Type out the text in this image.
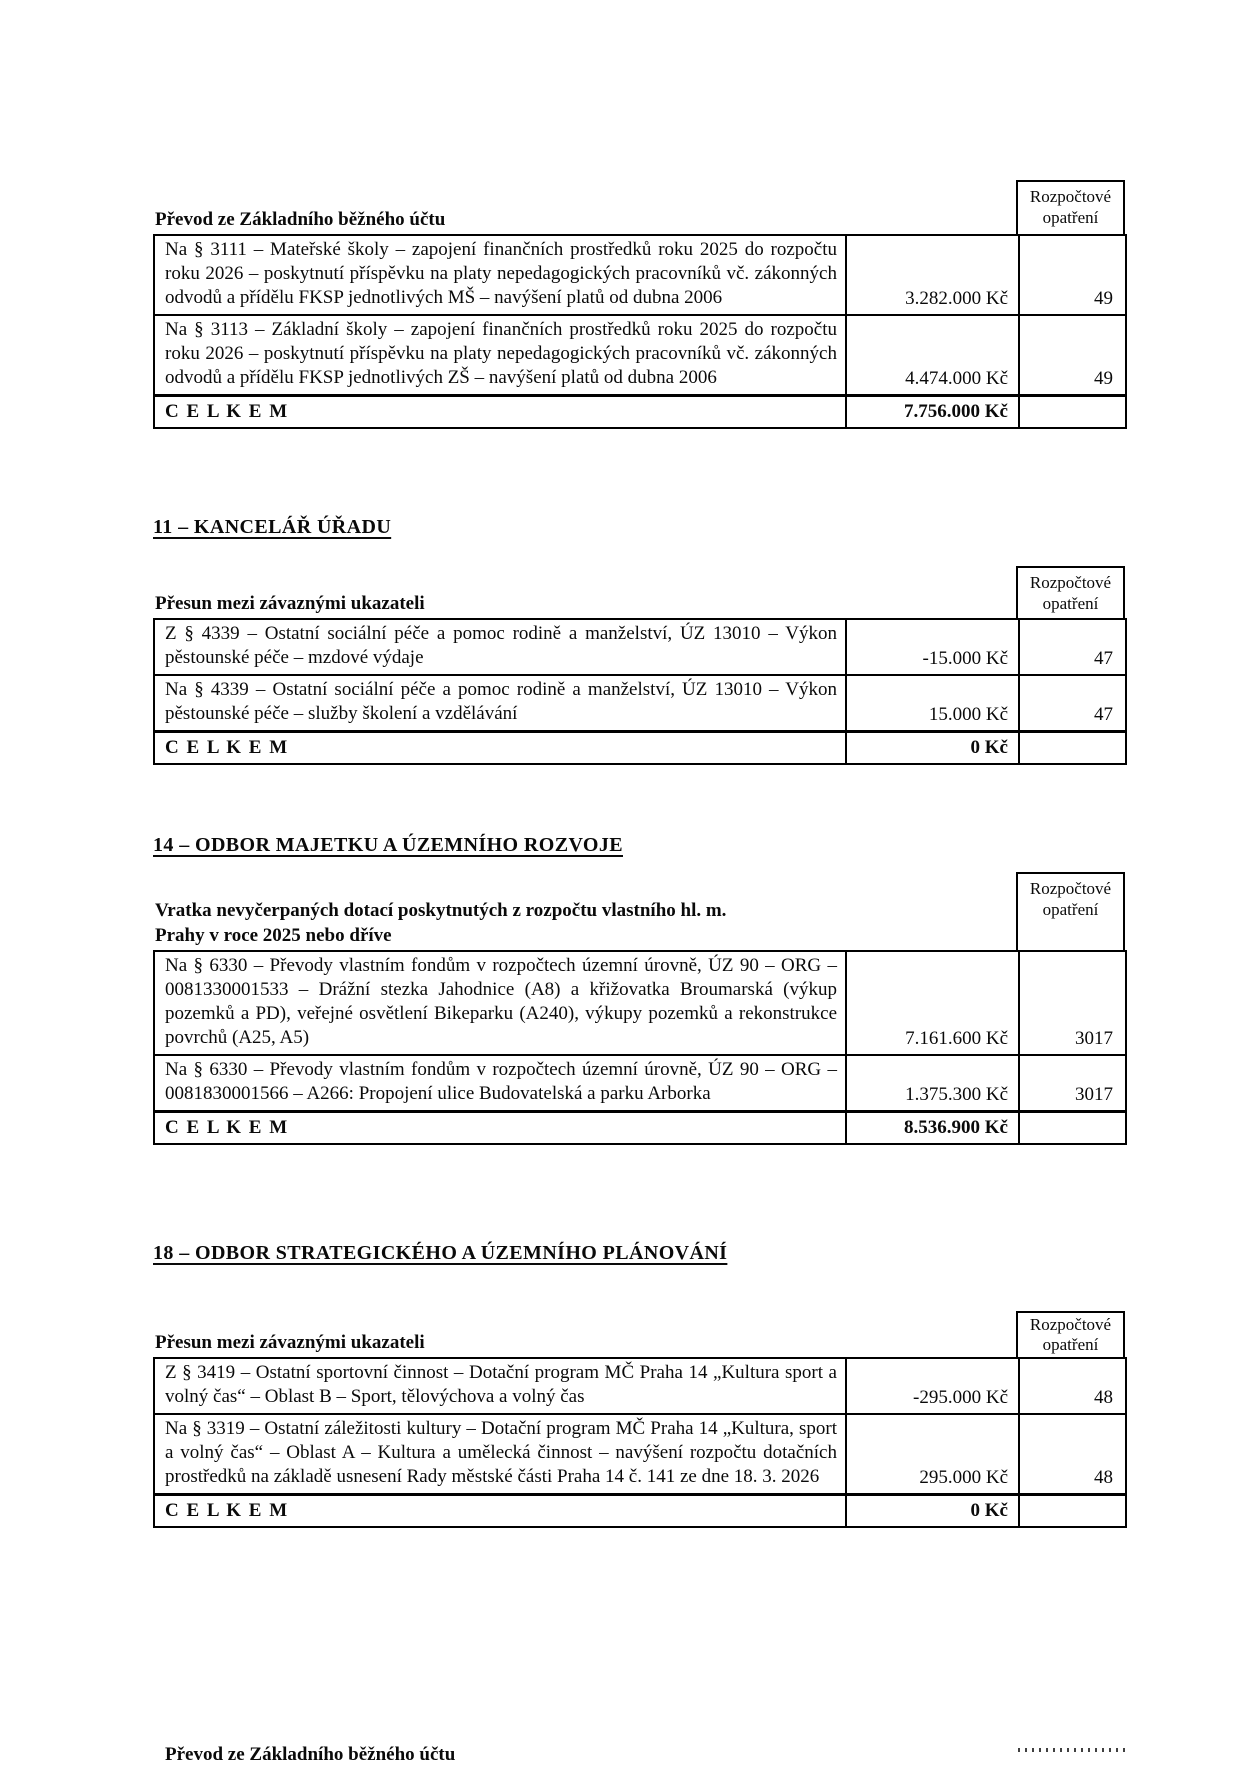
Převod ze Základního běžného účtu
Rozpočtové opatření
Na § 3111 – Mateřské školy – zapojení finančních prostředků roku 2025 do rozpočtu roku 2026 – poskytnutí příspěvku na platy nepedagogických pracovníků vč. zákonných odvodů a přídělu FKSP jednotlivých MŠ – navýšení platů od dubna 2006	3.282.000 Kč	49
Na § 3113 – Základní školy – zapojení finančních prostředků roku 2025 do rozpočtu roku 2026 – poskytnutí příspěvku na platy nepedagogických pracovníků vč. zákonných odvodů a přídělu FKSP jednotlivých ZŠ – navýšení platů od dubna 2006	4.474.000 Kč	49
C E L K E M	7.756.000 Kč	
11 – KANCELÁŘ ÚŘADU
Přesun mezi závaznými ukazateli
Rozpočtové opatření
Z § 4339 – Ostatní sociální péče a pomoc rodině a manželství, ÚZ 13010 – Výkon pěstounské péče – mzdové výdaje	-15.000 Kč	47
Na § 4339 – Ostatní sociální péče a pomoc rodině a manželství, ÚZ 13010 – Výkon pěstounské péče – služby školení a vzdělávání	15.000 Kč	47
C E L K E M	0 Kč	
14 – ODBOR MAJETKU A ÚZEMNÍHO ROZVOJE
Vratka nevyčerpaných dotací poskytnutých z rozpočtu vlastního hl. m.
Prahy v roce 2025 nebo dříve
Rozpočtové opatření
Na § 6330 – Převody vlastním fondům v rozpočtech územní úrovně, ÚZ 90 – ORG – 0081330001533 – Drážní stezka Jahodnice (A8) a křižovatka Broumarská (výkup pozemků a PD), veřejné osvětlení Bikeparku (A240), výkupy pozemků a rekonstrukce povrchů (A25, A5)	7.161.600 Kč	3017
Na § 6330 – Převody vlastním fondům v rozpočtech územní úrovně, ÚZ 90 – ORG – 0081830001566 – A266: Propojení ulice Budovatelská a parku Arborka	1.375.300 Kč	3017
C E L K E M	8.536.900 Kč	
18 – ODBOR STRATEGICKÉHO A ÚZEMNÍHO PLÁNOVÁNÍ
Přesun mezi závaznými ukazateli
Rozpočtové opatření
Z § 3419 – Ostatní sportovní činnost – Dotační program MČ Praha 14 „Kultura sport a volný čas“ – Oblast B – Sport, tělovýchova a volný čas	-295.000 Kč	48
Na § 3319 – Ostatní záležitosti kultury – Dotační program MČ Praha 14 „Kultura, sport a volný čas“ – Oblast A – Kultura a umělecká činnost – navýšení rozpočtu dotačních prostředků na základě usnesení Rady městské části Praha 14 č. 141 ze dne 18. 3. 2026	295.000 Kč	48
C E L K E M	0 Kč	
Převod ze Základního běžného účtu
